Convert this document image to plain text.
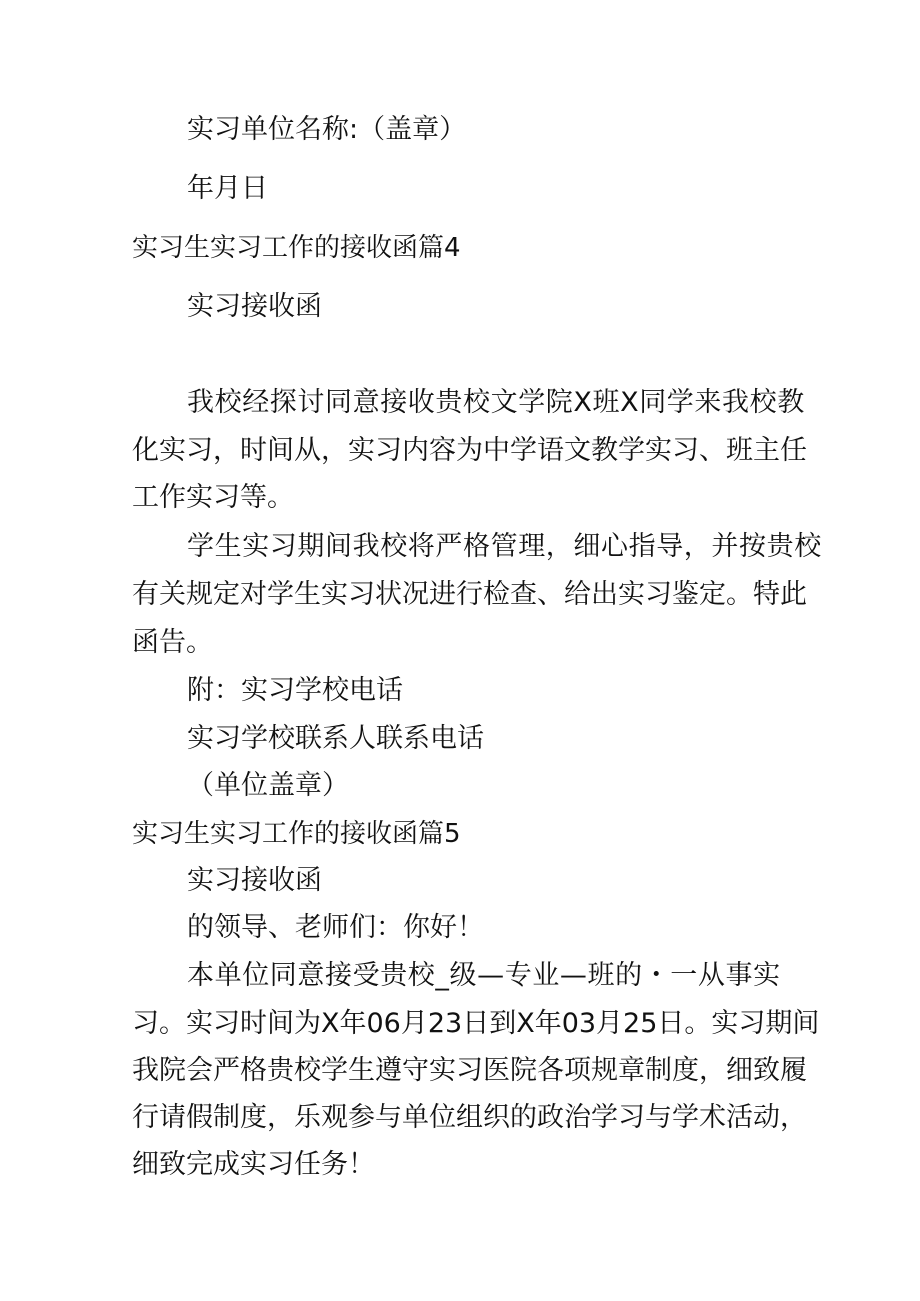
实习单位名称:（盖章）
年月日
实习生实习工作的接收函篇4
实习接收函
我校经探讨同意接收贵校文学院X班X同学来我校教
化实习，时间从，实习内容为中学语文教学实习、班主任
工作实习等。
学生实习期间我校将严格管理，细心指导，并按贵校
有关规定对学生实习状况进行检查、给出实习鉴定。特此
函告。
附：实习学校电话
实习学校联系人联系电话
（单位盖章）
实习生实习工作的接收函篇5
实习接收函
的领导、老师们：你好！
本单位同意接受贵校_级—专业—班的・一从事实
习。实习时间为X年06月23日到X年03月25日。实习期间
我院会严格贵校学生遵守实习医院各项规章制度，细致履
行请假制度，乐观参与单位组织的政治学习与学术活动，
细致完成实习任务！
